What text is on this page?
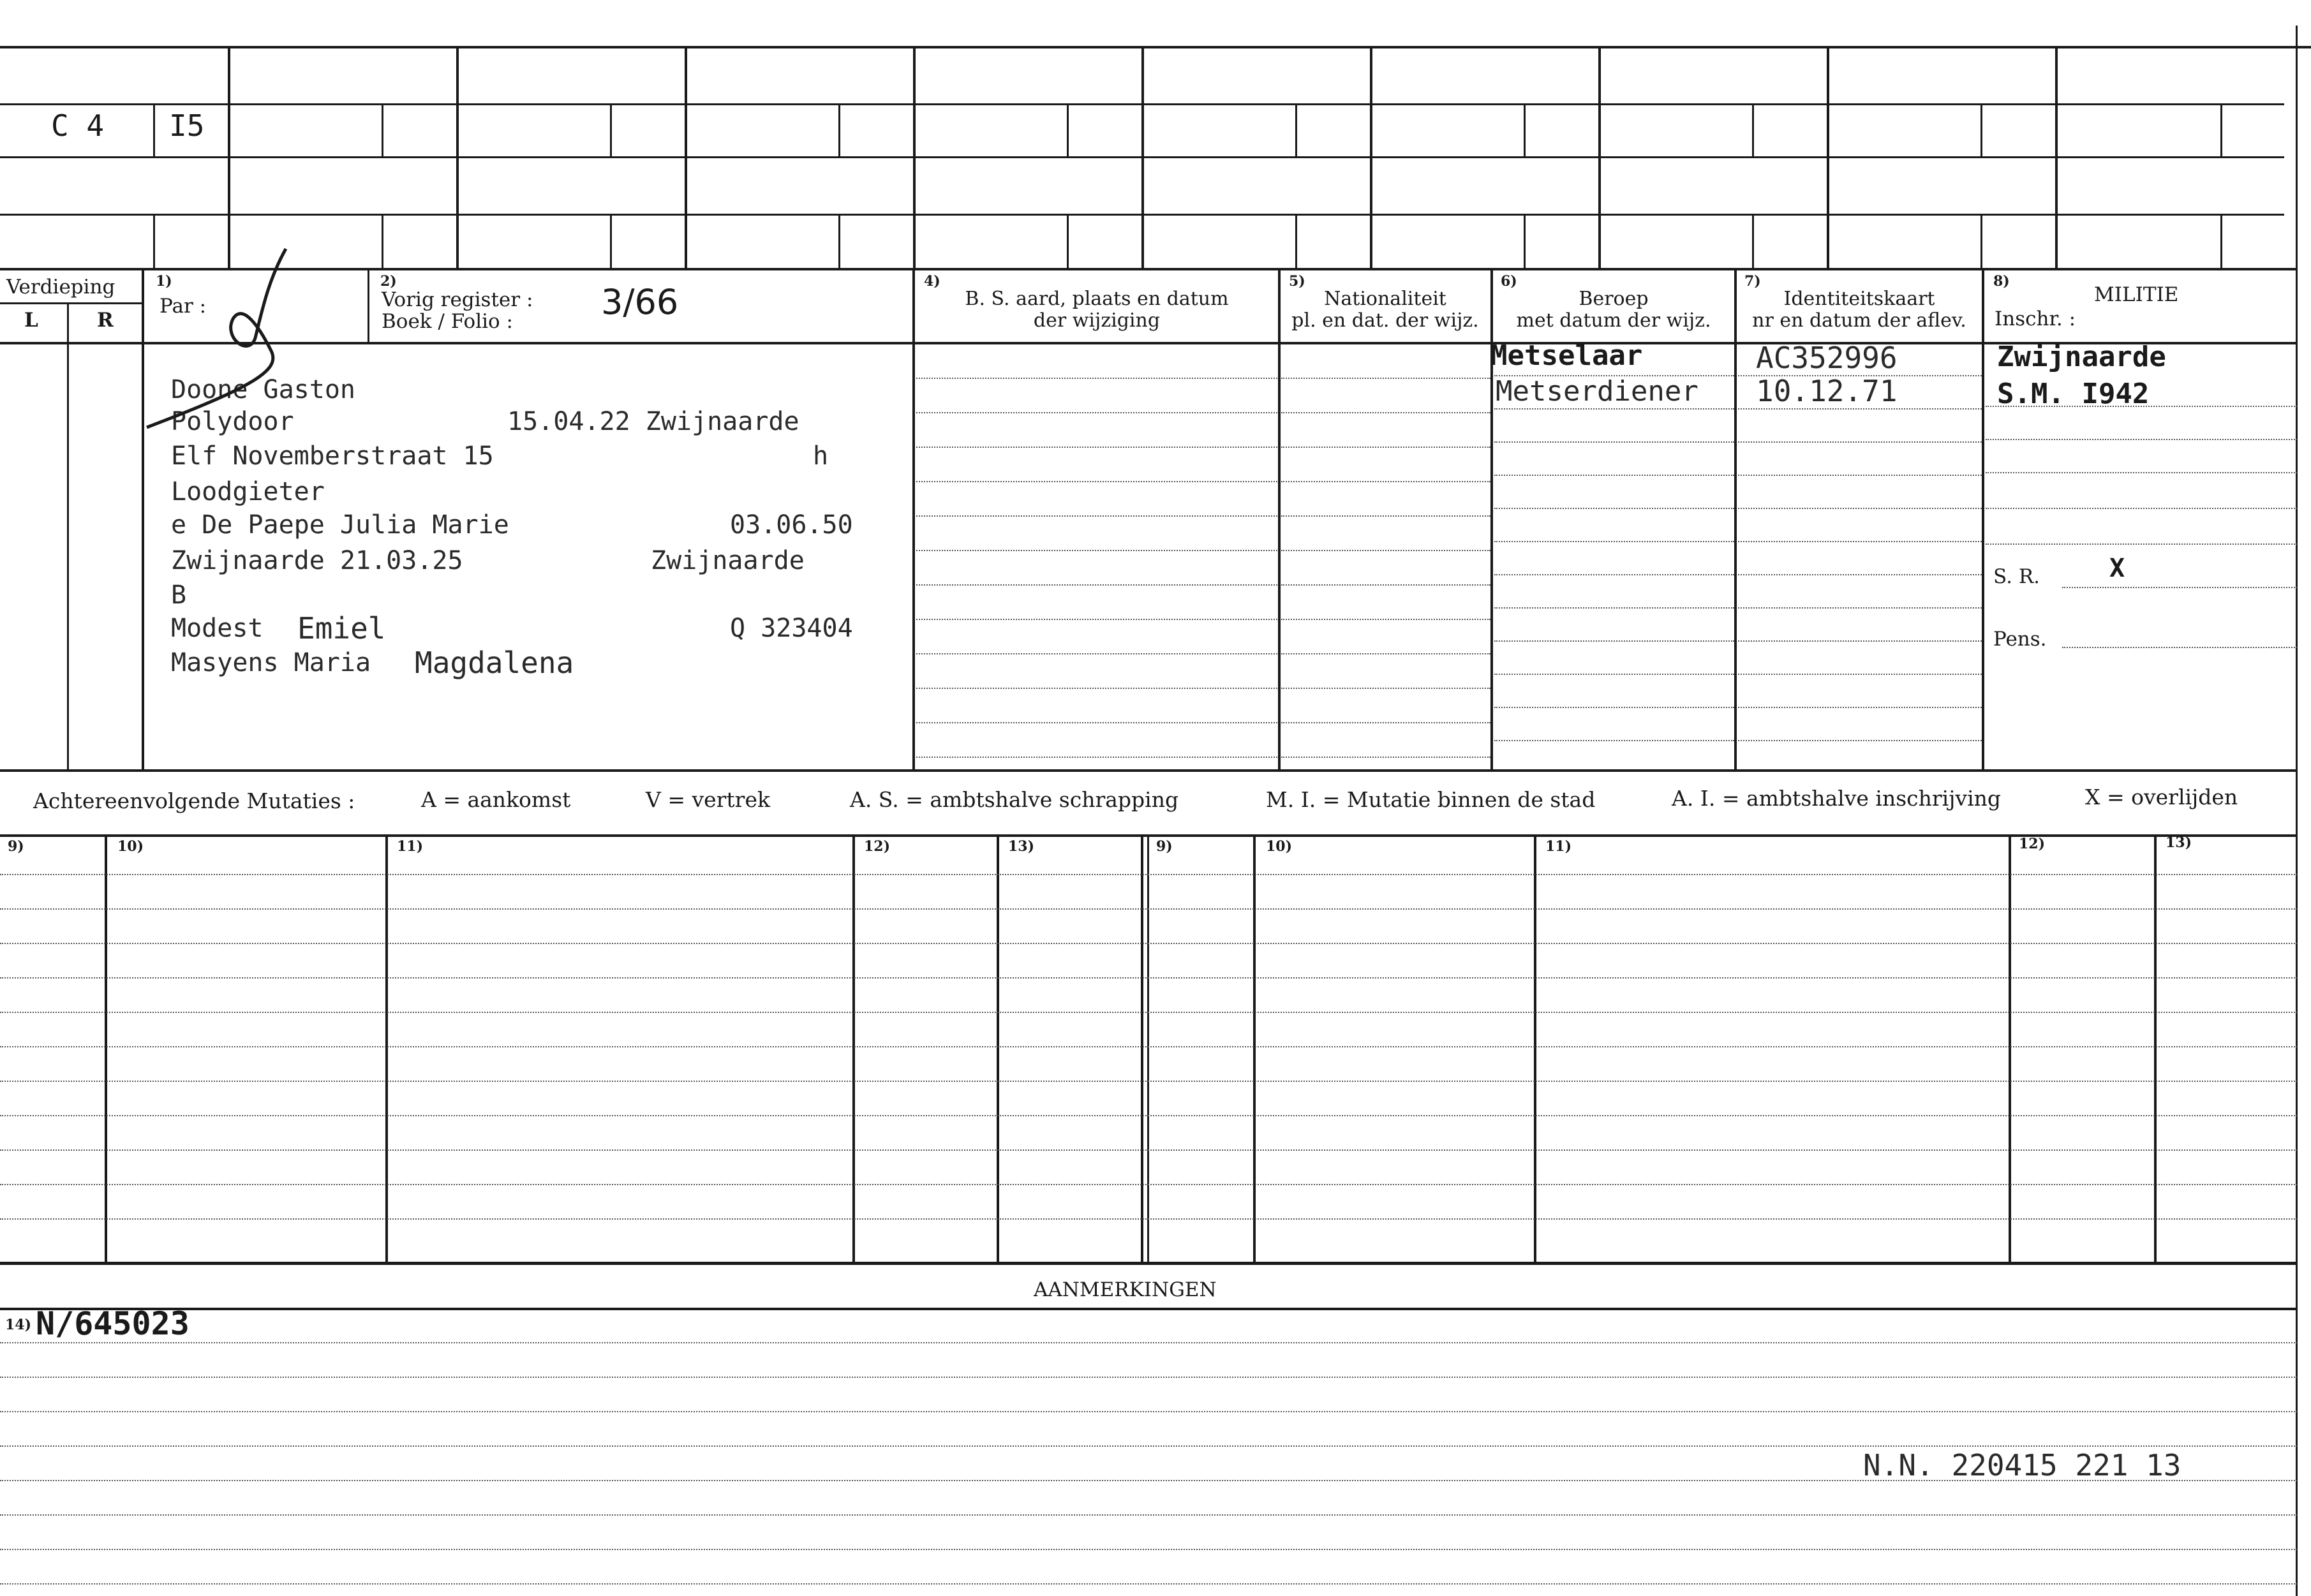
C 4 I5
Verdieping
L	R
1)
Par :
2)
Vorig register :
Boek / Folio :	3/66
4)
B. S. aard, plaats en datum
der wijziging
5)
Nationaliteit
pl. en dat. der wijz.
6)
Beroep
met datum der wijz.
7)
Identiteitskaart
nr en datum der aflev.
8)
MILITIE
Inschr. :
Doone Gaston
Polydoor	15.04.22 Zwijnaarde
Elf Novemberstraat 15	h
Loodgieter
e De Paepe Julia Marie	03.06.50
Zwijnaarde 21.03.25	Zwijnaarde
B
Modest Emiel	Q 323404
Masyens Maria Magdalena
Metselaar
Metserdiener
AC352996
10.12.71
Zwijnaarde
S.M. I942
S. R.	X
Pens.
Achtereenvolgende Mutaties :	A = aankomst	V = vertrek	A. S. = ambtshalve schrapping	M. I. = Mutatie binnen de stad	A. I. = ambtshalve inschrijving	X = overlijden
9)	10)	11)	12)	13)	9)	10)	11)	12)	13)
AANMERKINGEN
14) N/645023
N.N. 220415 221 13
